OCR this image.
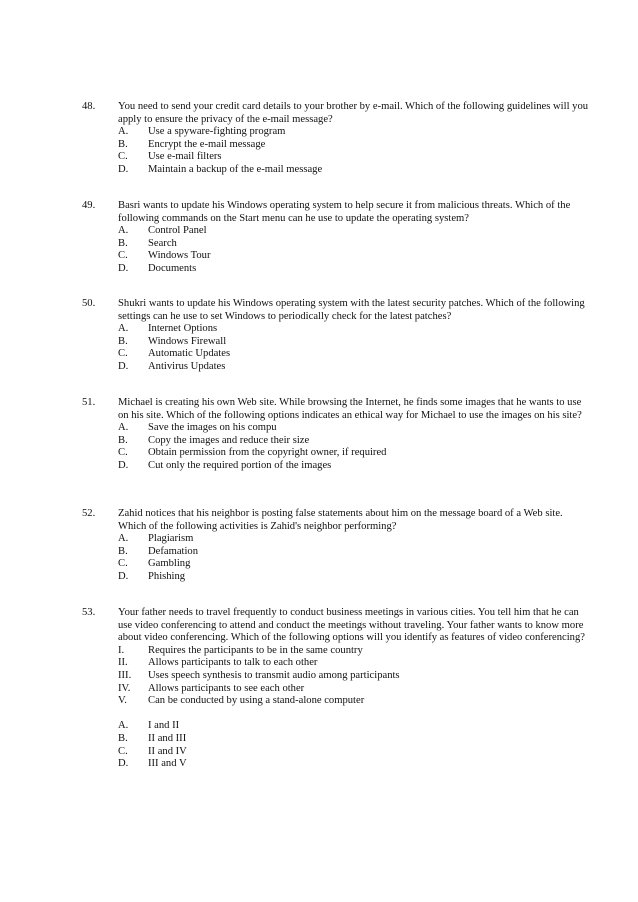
48.	You need to send your credit card details to your brother by e-mail. Which of the following guidelines will you apply to ensure the privacy of the e-mail message?

A. Use a spyware-fighting program
B. Encrypt the e-mail message
C. Use e-mail filters
D. Maintain a backup of the e-mail message
49.	Basri wants to update his Windows operating system to help secure it from malicious threats. Which of the following commands on the Start menu can he use to update the operating system?

A. Control Panel
B. Search
C. Windows Tour
D. Documents
50.	Shukri wants to update his Windows operating system with the latest security patches. Which of the following settings can he use to set Windows to periodically check for the latest patches?

A. Internet Options
B. Windows Firewall
C. Automatic Updates
D. Antivirus Updates
51.	Michael is creating his own Web site. While browsing the Internet, he finds some images that he wants to use on his site. Which of the following options indicates an ethical way for Michael to use the images on his site?

A. Save the images on his compu
B. Copy the images and reduce their size
C. Obtain permission from the copyright owner, if required
D. Cut only the required portion of the images
52.	Zahid notices that his neighbor is posting false statements about him on the message board of a Web site. Which of the following activities is Zahid's neighbor performing?

A. Plagiarism
B. Defamation
C. Gambling
D. Phishing
53.	Your father needs to travel frequently to conduct business meetings in various cities. You tell him that he can use video conferencing to attend and conduct the meetings without traveling. Your father wants to know more about video conferencing. Which of the following options will you identify as features of video conferencing?

I. Requires the participants to be in the same country
II. Allows participants to talk to each other
III. Uses speech synthesis to transmit audio among participants
IV. Allows participants to see each other
V. Can be conducted by using a stand-alone computer
A. I and II
B. II and III
C. II and IV
D. III and V
